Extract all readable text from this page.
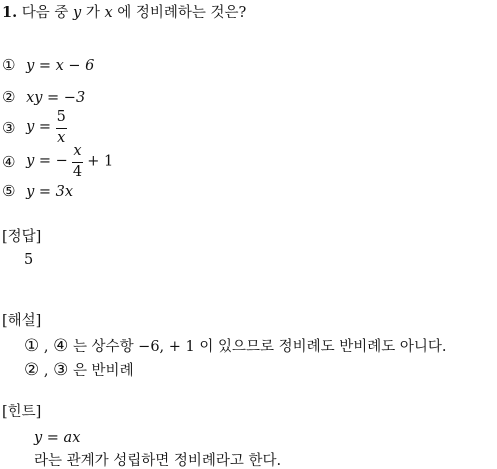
1. 다음 중 y 가 x 에 정비례하는 것은?
① y = x − 6
② xy = −3
③ $y = \frac{5}{x}$
④ y = − $\frac{x}{4} + 1$
⑤ y = 3x
[정답]
5
[해설]
① , ④ 는 상수항 −6, + 1 이 있으므로 정비례도 반비례도 아니다.
② , ③ 은 반비례
[힌트]
y = ax
라는 관계가 성립하면 정비례라고 한다.
